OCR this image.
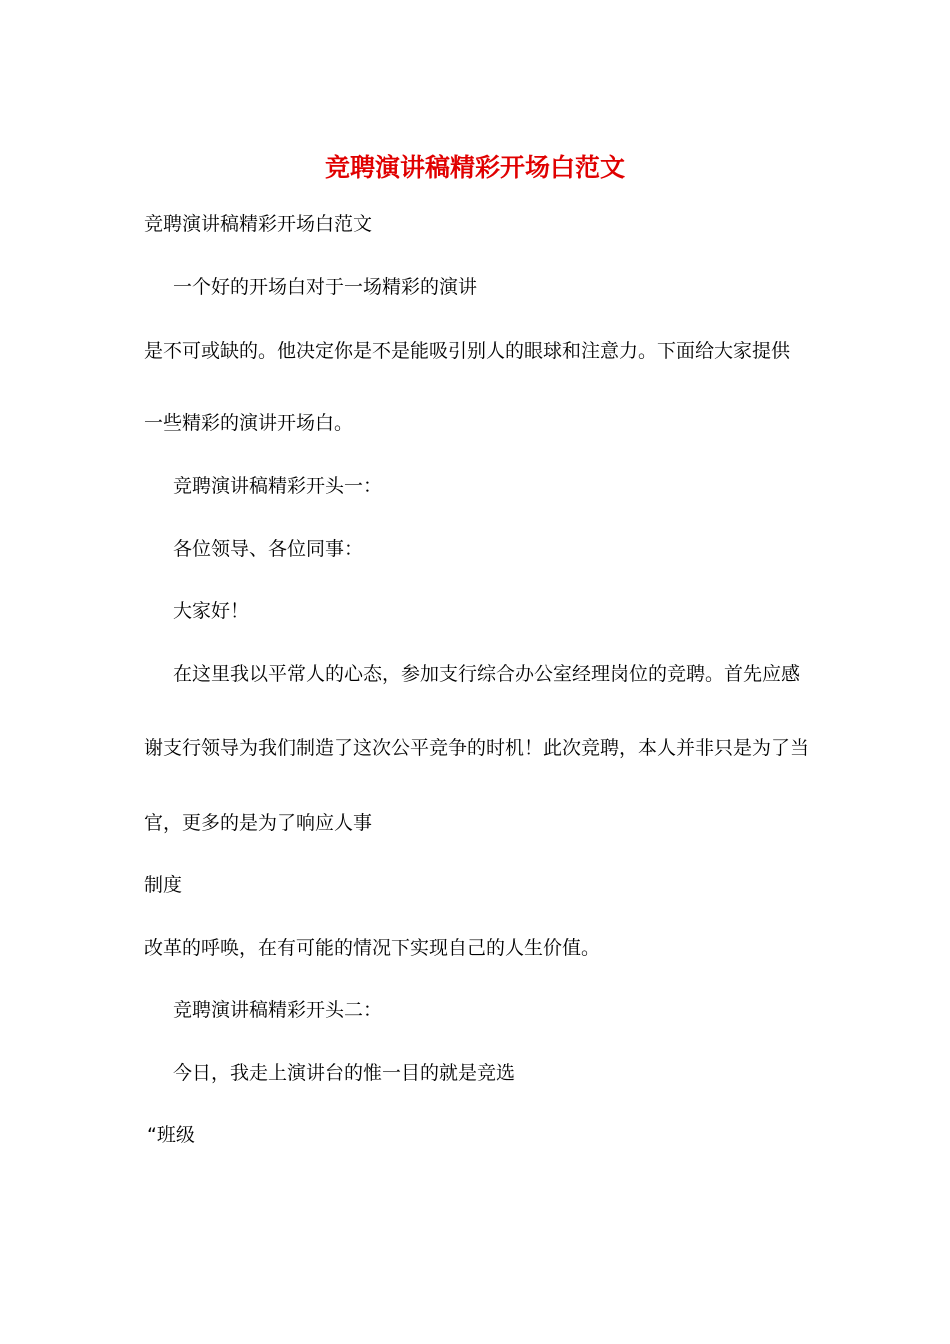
竞聘演讲稿精彩开场白范文
竞聘演讲稿精彩开场白范文
一个好的开场白对于一场精彩的演讲
是不可或缺的。他决定你是不是能吸引别人的眼球和注意力。下面给大家提供
一些精彩的演讲开场白。
竞聘演讲稿精彩开头一：
各位领导、各位同事：
大家好！
在这里我以平常人的心态，参加支行综合办公室经理岗位的竞聘。首先应感
谢支行领导为我们制造了这次公平竞争的时机！此次竞聘，本人并非只是为了当
官，更多的是为了响应人事
制度
改革的呼唤，在有可能的情况下实现自己的人生价值。
竞聘演讲稿精彩开头二：
今日，我走上演讲台的惟一目的就是竞选
“班级
